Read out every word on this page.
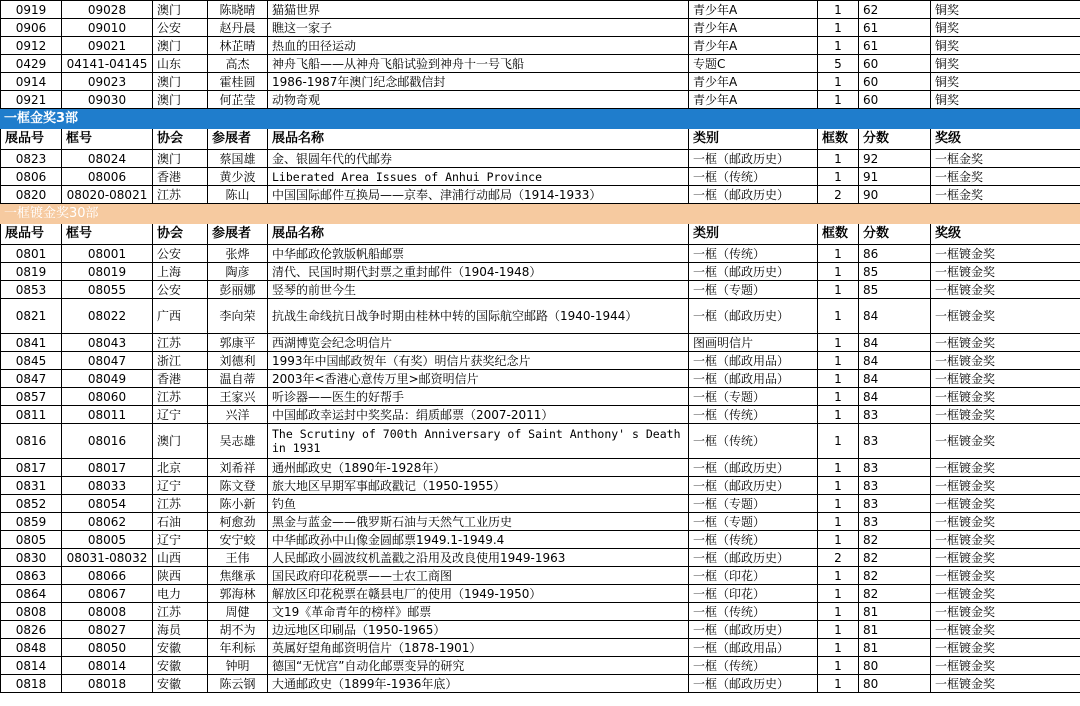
0919	09028	澳门	陈晓晴	猫猫世界	青少年A	1	62	铜奖
0906	09010	公安	赵丹晨	瞧这一家子	青少年A	1	61	铜奖
0912	09021	澳门	林芷晴	热血的田径运动	青少年A	1	61	铜奖
0429	04141-04145	山东	高杰	神舟飞船——从神舟飞船试验到神舟十一号飞船	专题C	5	60	铜奖
0914	09023	澳门	霍桂圆	1986-1987年澳门纪念邮戳信封	青少年A	1	60	铜奖
0921	09030	澳门	何芷莹	动物奇观	青少年A	1	60	铜奖
一框金奖3部								
展品号	框号	协会	参展者	展品名称	类别	框数	分数	奖级
0823	08024	澳门	蔡国雄	金、银圆年代的代邮券	一框（邮政历史）	1	92	一框金奖
0806	08006	香港	黄少波	Liberated Area Issues of Anhui Province	一框（传统）	1	91	一框金奖
0820	08020-08021	江苏	陈山	中国国际邮件互换局——京奉、津浦行动邮局（1914-1933）	一框（邮政历史）	2	90	一框金奖
一框镀金奖30部								
展品号	框号	协会	参展者	展品名称	类别	框数	分数	奖级
0801	08001	公安	张烨	中华邮政伦敦版帆船邮票	一框（传统）	1	86	一框镀金奖
0819	08019	上海	陶彦	清代、民国时期代封票之重封邮件（1904-1948）	一框（邮政历史）	1	85	一框镀金奖
0853	08055	公安	彭丽娜	竖琴的前世今生	一框（专题）	1	85	一框镀金奖
0821	08022	广西	李向荣	抗战生命线抗日战争时期由桂林中转的国际航空邮路（1940-1944）	一框（邮政历史）	1	84	一框镀金奖
0841	08043	江苏	郭康平	西湖博览会纪念明信片	图画明信片	1	84	一框镀金奖
0845	08047	浙江	刘德利	1993年中国邮政贺年（有奖）明信片获奖纪念片	一框（邮政用品）	1	84	一框镀金奖
0847	08049	香港	温自蒂	2003年<香港心意传万里>邮资明信片	一框（邮政用品）	1	84	一框镀金奖
0857	08060	江苏	王家兴	听诊器——医生的好帮手	一框（专题）	1	84	一框镀金奖
0811	08011	辽宁	兴洋	中国邮政幸运封中奖奖品：绢质邮票（2007-2011）	一框（传统）	1	83	一框镀金奖
0816	08016	澳门	吴志雄	The Scrutiny of 700th Anniversary of Saint Anthony' s Death in 1931	一框（传统）	1	83	一框镀金奖
0817	08017	北京	刘希祥	通州邮政史（1890年-1928年）	一框（邮政历史）	1	83	一框镀金奖
0831	08033	辽宁	陈文登	旅大地区早期军事邮政戳记（1950-1955）	一框（邮政历史）	1	83	一框镀金奖
0852	08054	江苏	陈小新	钓鱼	一框（专题）	1	83	一框镀金奖
0859	08062	石油	柯愈劲	黑金与蓝金——俄罗斯石油与天然气工业历史	一框（专题）	1	83	一框镀金奖
0805	08005	辽宁	安宁蛟	中华邮政孙中山像金圆邮票1949.1-1949.4	一框（传统）	1	82	一框镀金奖
0830	08031-08032	山西	王伟	人民邮政小圆波纹机盖戳之沿用及改良使用1949-1963	一框（邮政历史）	2	82	一框镀金奖
0863	08066	陕西	焦继承	国民政府印花税票——士农工商图	一框（印花）	1	82	一框镀金奖
0864	08067	电力	郭海林	解放区印花税票在赣县电厂的使用（1949-1950）	一框（印花）	1	82	一框镀金奖
0808	08008	江苏	周健	文19《革命青年的榜样》邮票	一框（传统）	1	81	一框镀金奖
0826	08027	海员	胡不为	边远地区印刷品（1950-1965）	一框（邮政历史）	1	81	一框镀金奖
0848	08050	安徽	年利标	英属好望角邮资明信片（1878-1901）	一框（邮政用品）	1	81	一框镀金奖
0814	08014	安徽	钟明	德国“无忧宫”自动化邮票变异的研究	一框（传统）	1	80	一框镀金奖
0818	08018	安徽	陈云钢	大通邮政史（1899年-1936年底）	一框（邮政历史）	1	80	一框镀金奖
